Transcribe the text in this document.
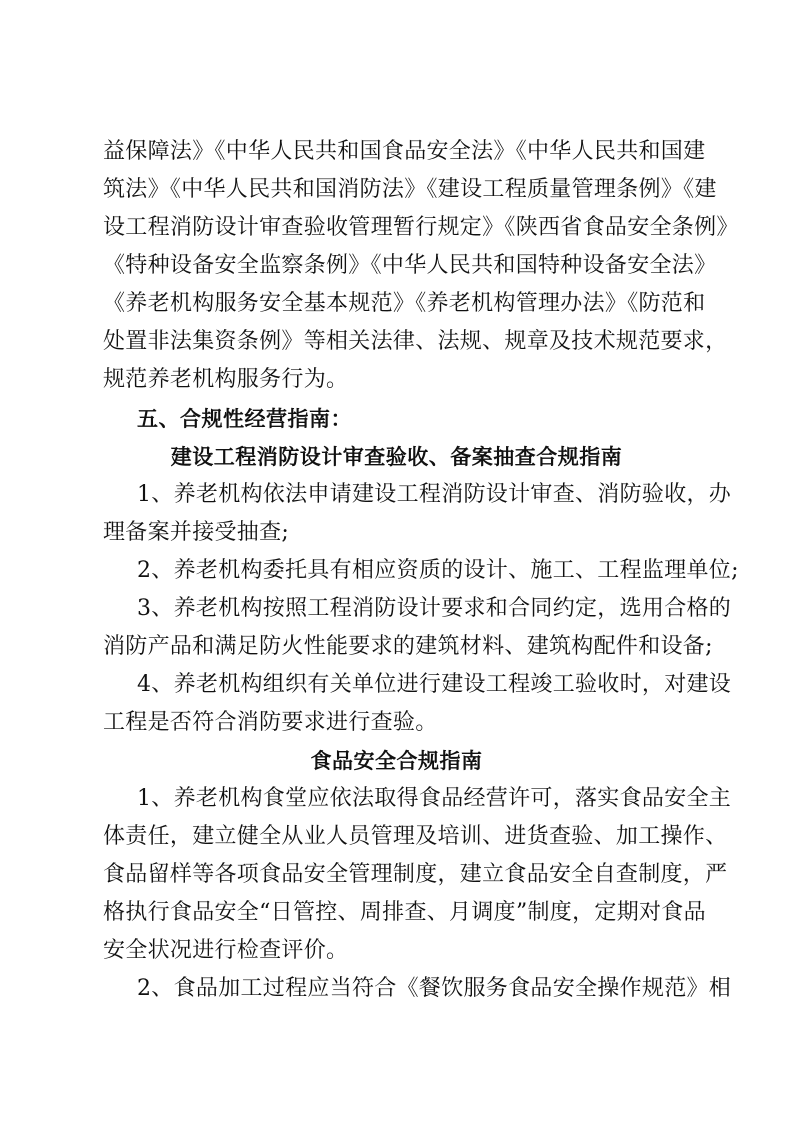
益保障法》《中华人民共和国食品安全法》《中华人民共和国建
筑法》《中华人民共和国消防法》《建设工程质量管理条例》《建
设工程消防设计审查验收管理暂行规定》《陕西省食品安全条例》
《特种设备安全监察条例》《中华人民共和国特种设备安全法》
《养老机构服务安全基本规范》《养老机构管理办法》《防范和
处置非法集资条例》等相关法律、法规、规章及技术规范要求，
规范养老机构服务行为。
五、合规性经营指南：
建设工程消防设计审查验收、备案抽查合规指南
1、养老机构依法申请建设工程消防设计审查、消防验收，办
理备案并接受抽查;
2、养老机构委托具有相应资质的设计、施工、工程监理单位;
3、养老机构按照工程消防设计要求和合同约定，选用合格的
消防产品和满足防火性能要求的建筑材料、建筑构配件和设备;
4、养老机构组织有关单位进行建设工程竣工验收时，对建设
工程是否符合消防要求进行查验。
食品安全合规指南
1、养老机构食堂应依法取得食品经营许可，落实食品安全主
体责任，建立健全从业人员管理及培训、进货查验、加工操作、
食品留样等各项食品安全管理制度，建立食品安全自查制度，严
格执行食品安全“日管控、周排查、月调度”制度，定期对食品
安全状况进行检查评价。
2、食品加工过程应当符合《餐饮服务食品安全操作规范》相
